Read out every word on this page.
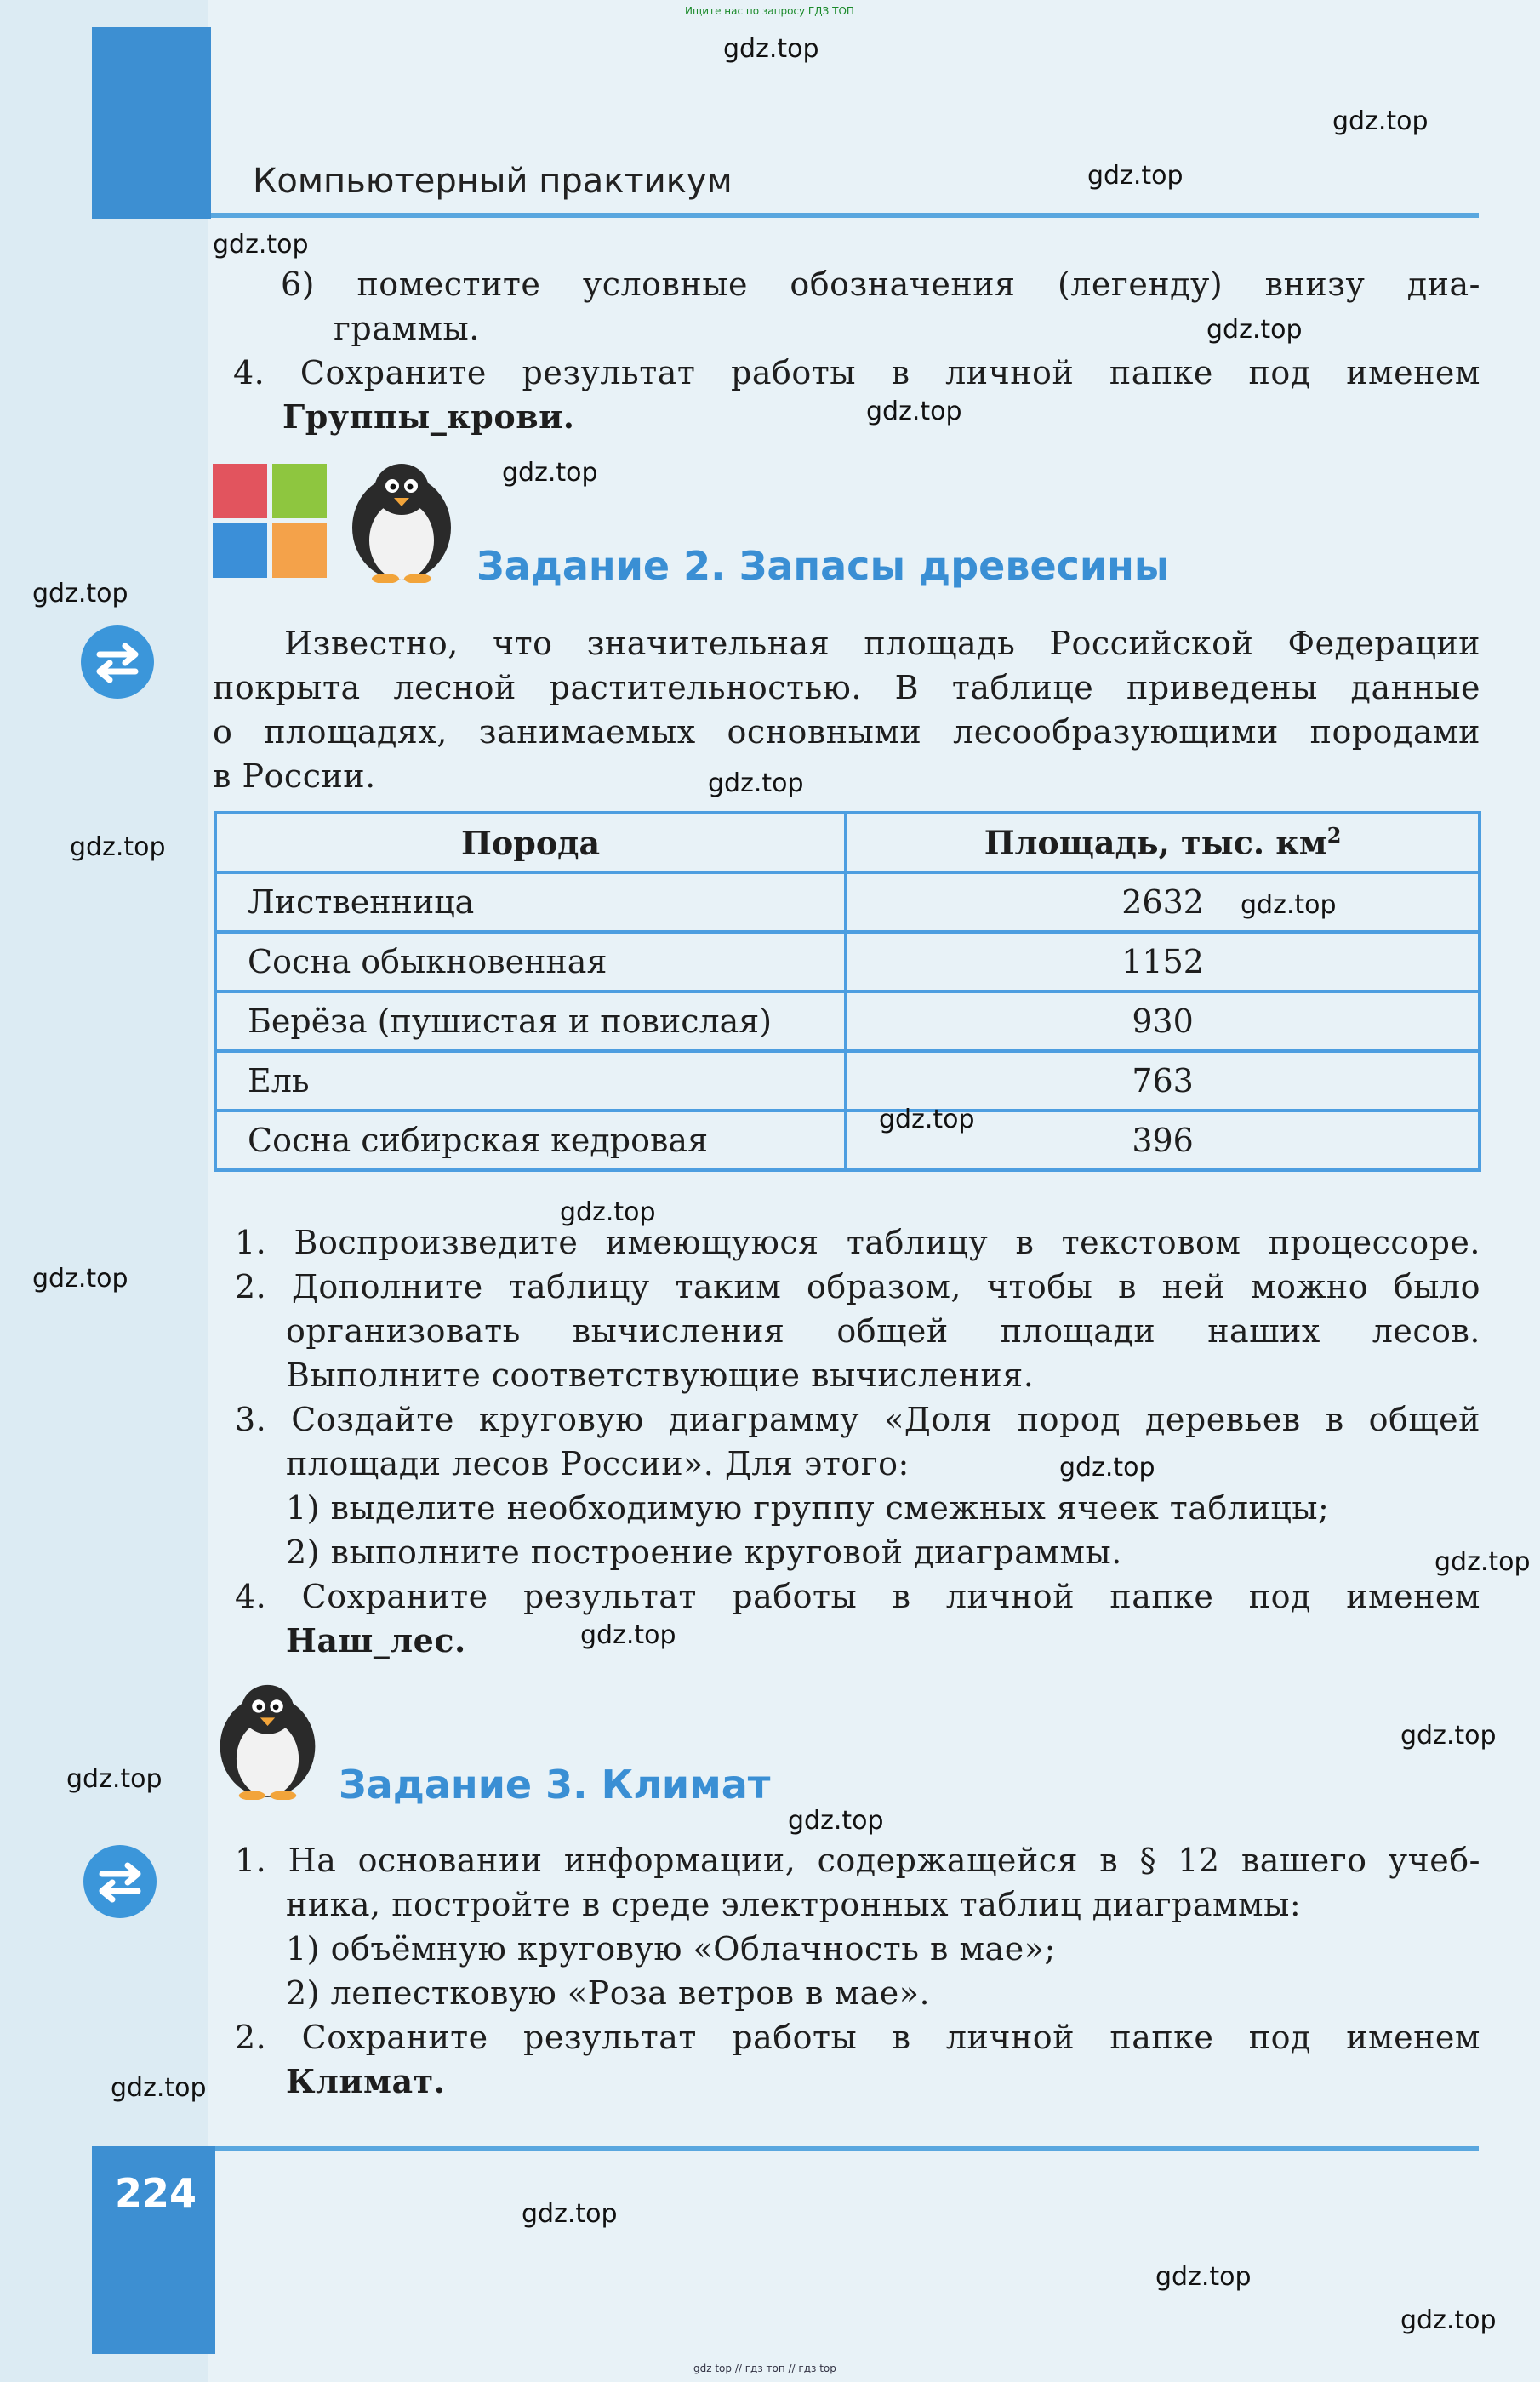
Ищите нас по запросу ГДЗ ТОП
Компьютерный практикум
6) поместите условные обозначения (легенду) внизу диа-
граммы.
4. Сохраните результат работы в личной папке под именем
Группы_крови.
Задание 2. Запасы древесины
Известно, что значительная площадь Российской Федерации
покрыта лесной растительностью. В таблице приведены данные
о площадях, занимаемых основными лесообразующими породами
в России.
Порода	Площадь, тыс. $км^2$
Лиственница	2632
Сосна обыкновенная	1152
Берёза (пушистая и повислая)	930
Ель	763
Сосна сибирская кедровая	396
1. Воспроизведите имеющуюся таблицу в текстовом процессоре.
2. Дополните таблицу таким образом, чтобы в ней можно было
организовать вычисления общей площади наших лесов.
Выполните соответствующие вычисления.
3. Создайте круговую диаграмму «Доля пород деревьев в общей
площади лесов России». Для этого:
1) выделите необходимую группу смежных ячеек таблицы;
2) выполните построение круговой диаграммы.
4. Сохраните результат работы в личной папке под именем
Наш_лес.
Задание 3. Климат
1. На основании информации, содержащейся в § 12 вашего учеб-
ника, постройте в среде электронных таблиц диаграммы:
1) объёмную круговую «Облачность в мае»;
2) лепестковую «Роза ветров в мае».
2. Сохраните результат работы в личной папке под именем
Климат.
224
gdz top // гдз топ // гдз top
gdz.top
gdz.top
gdz.top
gdz.top
gdz.top
gdz.top
gdz.top
gdz.top
gdz.top
gdz.top
gdz.top
gdz.top
gdz.top
gdz.top
gdz.top
gdz.top
gdz.top
gdz.top
gdz.top
gdz.top
gdz.top
gdz.top
gdz.top
gdz.top
